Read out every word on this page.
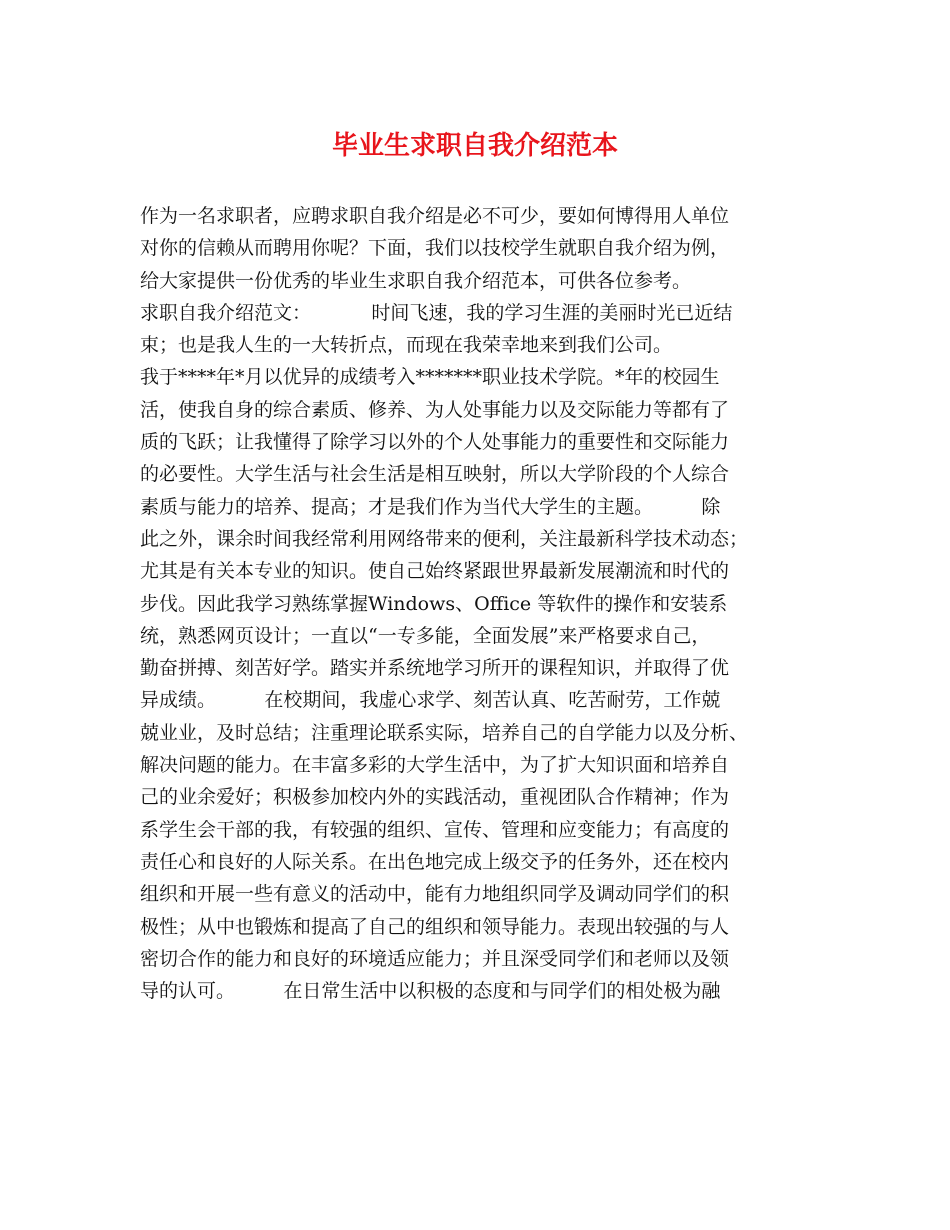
毕业生求职自我介绍范本
作为一名求职者，应聘求职自我介绍是必不可少，要如何博得用人单位
对你的信赖从而聘用你呢？下面，我们以技校学生就职自我介绍为例，
给大家提供一份优秀的毕业生求职自我介绍范本，可供各位参考。
求职自我介绍范文：          时间飞速，我的学习生涯的美丽时光已近结
束；也是我人生的一大转折点，而现在我荣幸地来到我们公司。
我于****年*月以优异的成绩考入*******职业技术学院。*年的校园生
活，使我自身的综合素质、修养、为人处事能力以及交际能力等都有了
质的飞跃；让我懂得了除学习以外的个人处事能力的重要性和交际能力
的必要性。大学生活与社会生活是相互映射，所以大学阶段的个人综合
素质与能力的培养、提高；才是我们作为当代大学生的主题。        除
此之外，课余时间我经常利用网络带来的便利，关注最新科学技术动态；
尤其是有关本专业的知识。使自己始终紧跟世界最新发展潮流和时代的
步伐。因此我学习熟练掌握Windows、Office 等软件的操作和安装系
统，熟悉网页设计；一直以“一专多能，全面发展”来严格要求自己，
勤奋拼搏、刻苦好学。踏实并系统地学习所开的课程知识，并取得了优
异成绩。        在校期间，我虚心求学、刻苦认真、吃苦耐劳，工作兢
兢业业，及时总结；注重理论联系实际，培养自己的自学能力以及分析、
解决问题的能力。在丰富多彩的大学生活中，为了扩大知识面和培养自
己的业余爱好；积极参加校内外的实践活动，重视团队合作精神；作为
系学生会干部的我，有较强的组织、宣传、管理和应变能力；有高度的
责任心和良好的人际关系。在出色地完成上级交予的任务外，还在校内
组织和开展一些有意义的活动中，能有力地组织同学及调动同学们的积
极性；从中也锻炼和提高了自己的组织和领导能力。表现出较强的与人
密切合作的能力和良好的环境适应能力；并且深受同学们和老师以及领
导的认可。        在日常生活中以积极的态度和与同学们的相处极为融
